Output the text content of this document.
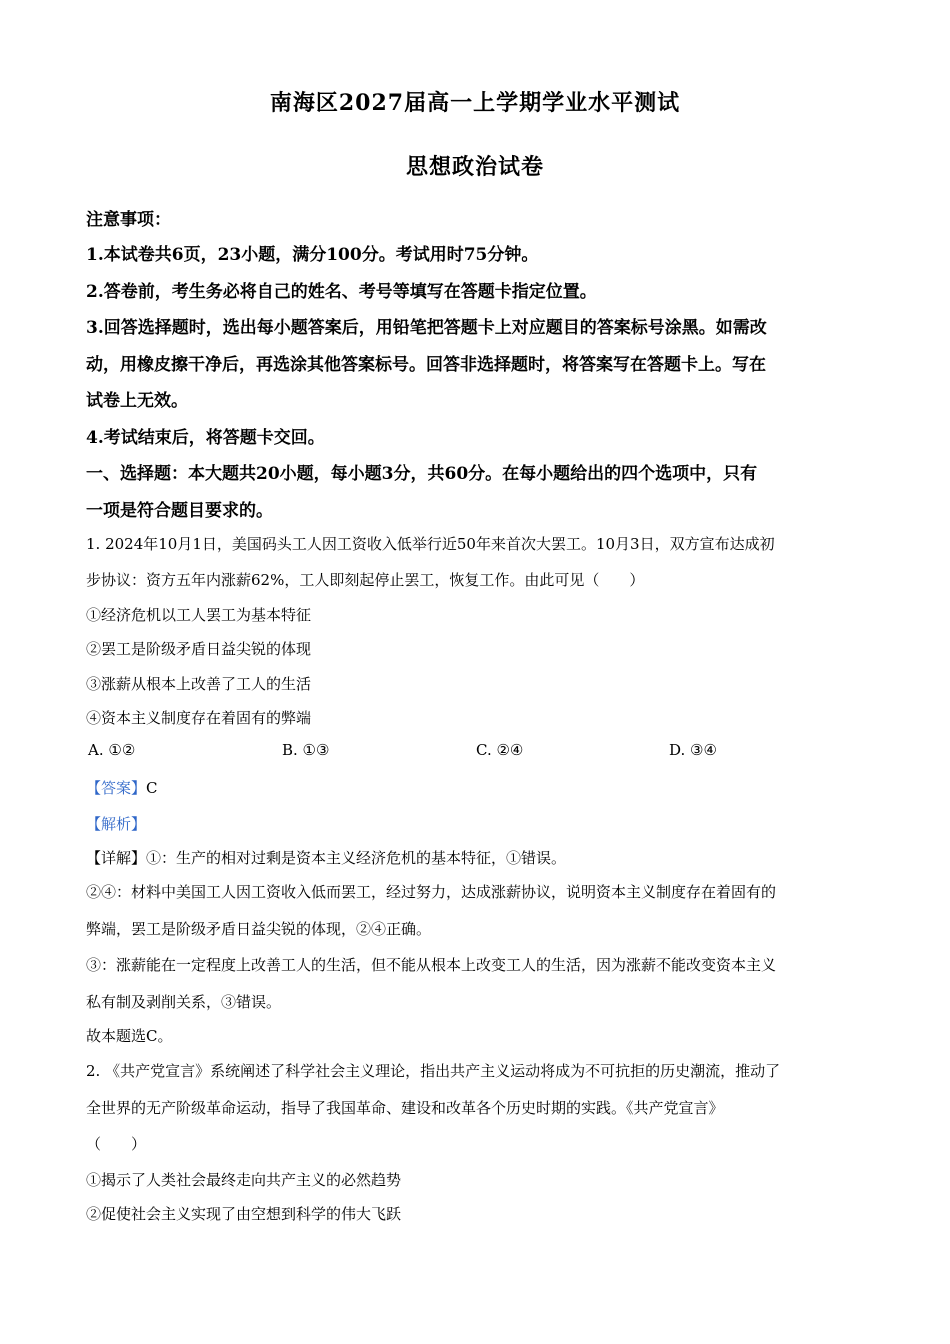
南海区2027届高一上学期学业水平测试
思想政治试卷
注意事项：
1.本试卷共6页，23小题，满分100分。考试用时75分钟。
2.答卷前，考生务必将自己的姓名、考号等填写在答题卡指定位置。
3.回答选择题时，选出每小题答案后，用铅笔把答题卡上对应题目的答案标号涂黑。如需改
动，用橡皮擦干净后，再选涂其他答案标号。回答非选择题时，将答案写在答题卡上。写在
试卷上无效。
4.考试结束后，将答题卡交回。
一、选择题：本大题共20小题，每小题3分，共60分。在每小题给出的四个选项中，只有
一项是符合题目要求的。
1. 2024年10月1日，美国码头工人因工资收入低举行近50年来首次大罢工。10月3日，双方宣布达成初
步协议：资方五年内涨薪62%，工人即刻起停止罢工，恢复工作。由此可见（　　）
①经济危机以工人罢工为基本特征
②罢工是阶级矛盾日益尖锐的体现
③涨薪从根本上改善了工人的生活
④资本主义制度存在着固有的弊端
A. ①②	B. ①③	C. ②④	D. ③④
【答案】C
【解析】
【详解】①：生产的相对过剩是资本主义经济危机的基本特征，①错误。
②④：材料中美国工人因工资收入低而罢工，经过努力，达成涨薪协议，说明资本主义制度存在着固有的
弊端，罢工是阶级矛盾日益尖锐的体现，②④正确。
③：涨薪能在一定程度上改善工人的生活，但不能从根本上改变工人的生活，因为涨薪不能改变资本主义
私有制及剥削关系，③错误。
故本题选C。
2. 《共产党宣言》系统阐述了科学社会主义理论，指出共产主义运动将成为不可抗拒的历史潮流，推动了
全世界的无产阶级革命运动，指导了我国革命、建设和改革各个历史时期的实践。《共产党宣言》
（　　）
①揭示了人类社会最终走向共产主义的必然趋势
②促使社会主义实现了由空想到科学的伟大飞跃
